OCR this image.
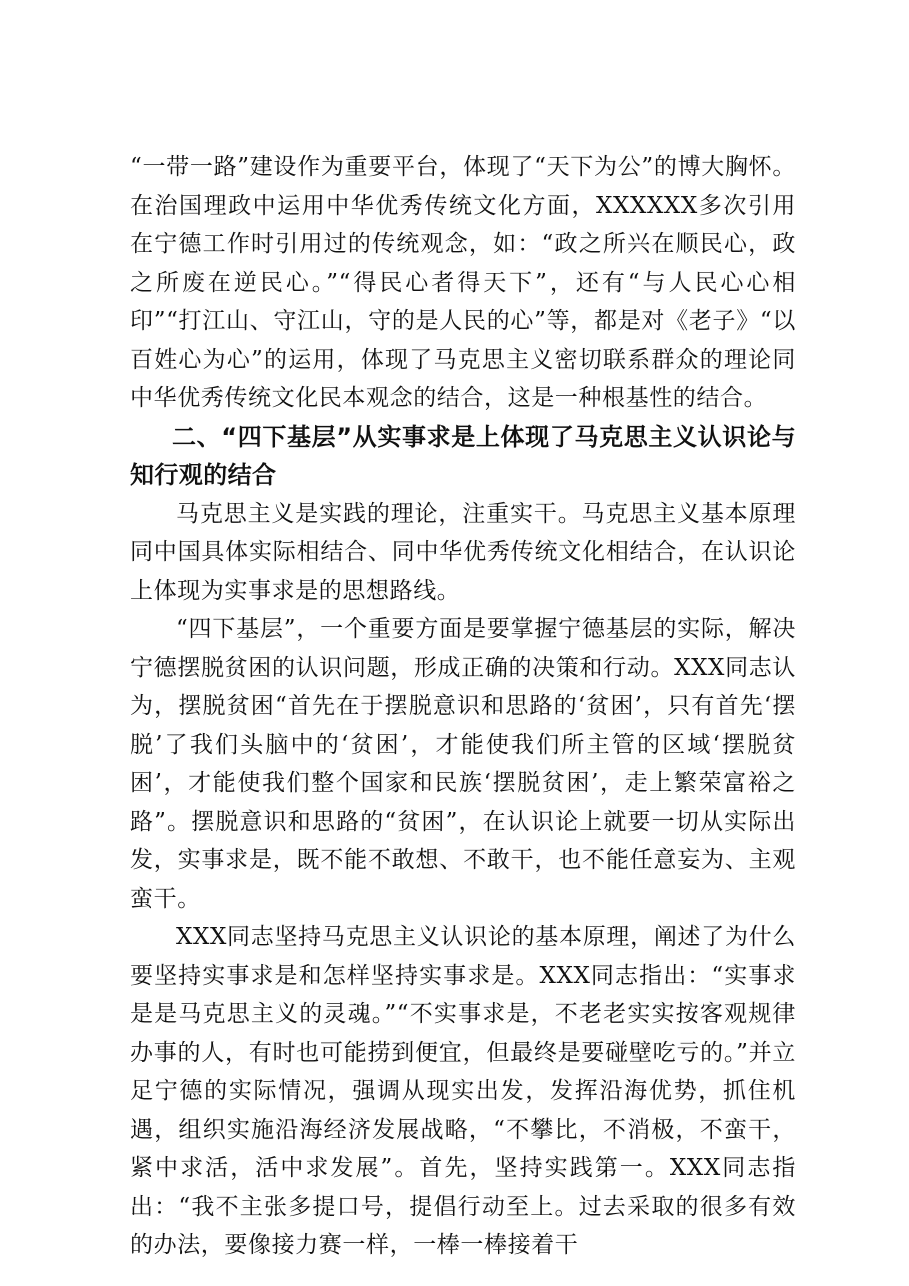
“一带一路”建设作为重要平台，体现了“天下为公”的博大胸怀。在治国理政中运用中华优秀传统文化方面，XXXXXX多次引用在宁德工作时引用过的传统观念，如：“政之所兴在顺民心，政之所废在逆民心。”“得民心者得天下”，还有“与人民心心相印”“打江山、守江山，守的是人民的心”等，都是对《老子》“以百姓心为心”的运用，体现了马克思主义密切联系群众的理论同中华优秀传统文化民本观念的结合，这是一种根基性的结合。

二、“四下基层”从实事求是上体现了马克思主义认识论与知行观的结合

马克思主义是实践的理论，注重实干。马克思主义基本原理同中国具体实际相结合、同中华优秀传统文化相结合，在认识论上体现为实事求是的思想路线。

“四下基层”，一个重要方面是要掌握宁德基层的实际，解决宁德摆脱贫困的认识问题，形成正确的决策和行动。XXX同志认为，摆脱贫困“首先在于摆脱意识和思路的‘贫困’，只有首先‘摆脱’了我们头脑中的‘贫困’，才能使我们所主管的区域‘摆脱贫困’，才能使我们整个国家和民族‘摆脱贫困’，走上繁荣富裕之路”。摆脱意识和思路的“贫困”，在认识论上就要一切从实际出发，实事求是，既不能不敢想、不敢干，也不能任意妄为、主观蛮干。

XXX同志坚持马克思主义认识论的基本原理，阐述了为什么要坚持实事求是和怎样坚持实事求是。XXX同志指出：“实事求是是马克思主义的灵魂。”“不实事求是，不老老实实按客观规律办事的人，有时也可能捞到便宜，但最终是要碰壁吃亏的。”并立足宁德的实际情况，强调从现实出发，发挥沿海优势，抓住机遇，组织实施沿海经济发展战略，“不攀比，不消极，不蛮干，紧中求活，活中求发展”。首先，坚持实践第一。XXX同志指出：“我不主张多提口号，提倡行动至上。过去采取的很多有效的办法，要像接力赛一样，一棒一棒接着干
